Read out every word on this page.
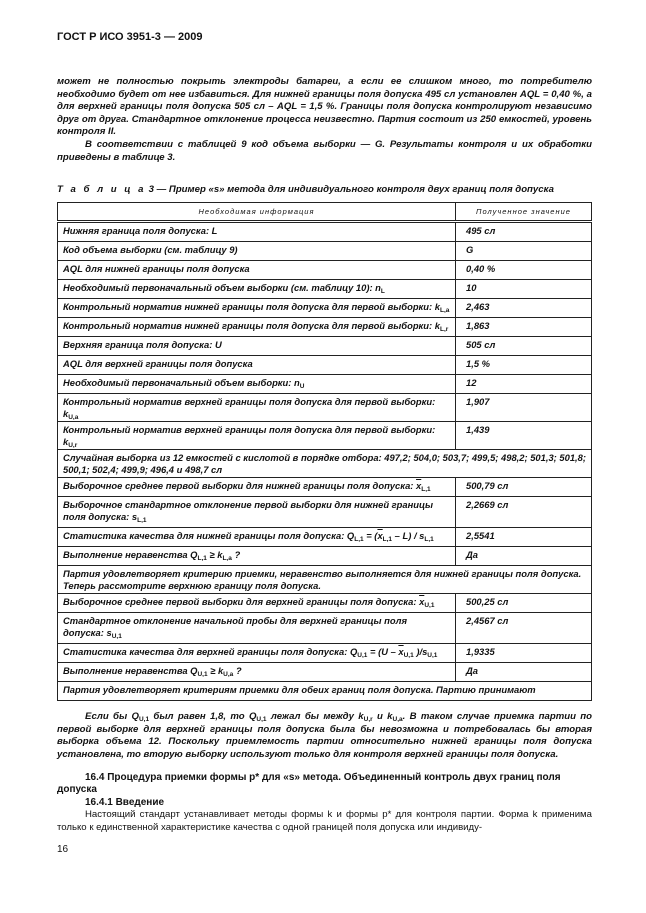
ГОСТ Р ИСО 3951-3 — 2009
может не полностью покрыть электроды батареи, а если ее слишком много, то потребителю необходимо будет от нее избавиться. Для нижней границы поля допуска 495 сл установлен AQL = 0,40 %, а для верхней границы поля допуска 505 сл – AQL = 1,5 %. Границы поля допуска контролируют независимо друг от друга. Стандартное отклонение процесса неизвестно. Партия состоит из 250 емкостей, уровень контроля II.
В соответствии с таблицей 9 код объема выборки — G. Результаты контроля и их обработки приведены в таблице 3.
Т а б л и ц а 3 — Пример «s» метода для индивидуального контроля двух границ поля допуска
Необходимая информация	Полученное значение
Нижняя граница поля допуска: L	495 сл
Код объема выборки (см. таблицу 9)	G
AQL для нижней границы поля допуска	0,40 %
Необходимый первоначальный объем выборки (см. таблицу 10): $n_L$	10
Контрольный норматив нижней границы поля допуска для первой выборки: $k_{L,a}$	2,463
Контрольный норматив нижней границы поля допуска для первой выборки: $k_{L,r}$	1,863
Верхняя граница поля допуска: U	505 сл
AQL для верхней границы поля допуска	1,5 %
Необходимый первоначальный объем выборки: $n_U$	12
Контрольный норматив верхней границы поля допуска для первой выборки: $k_{U,a}$	1,907
Контрольный норматив верхней границы поля допуска для первой выборки: $k_{U,r}$	1,439
Случайная выборка из 12 емкостей с кислотой в порядке отбора: 497,2; 504,0; 503,7; 499,5; 498,2; 501,3; 501,8; 500,1; 502,4; 499,9; 496,4 и 498,7 сл	
Выборочное среднее первой выборки для нижней границы поля допуска: $\overline{x}_{L,1}$	500,79 сл
Выборочное стандартное отклонение первой выборки для нижней границы поля допуска: $s_{L,1}$	2,2669 сл
Статистика качества для нижней границы поля допуска: $Q_{L,1} = (\overline{x}_{L,1} - L) / s_{L,1}$	2,5541
Выполнение неравенства $Q_{L,1} \ge k_{L,a}$ ?	Да
Партия удовлетворяет критерию приемки, неравенство выполняется для нижней границы поля допуска. Теперь рассмотрите верхнюю границу поля допуска.	
Выборочное среднее первой выборки для верхней границы поля допуска: $\overline{x}_{U,1}$	500,25 сл
Стандартное отклонение начальной пробы для верхней границы поля допуска: $s_{U,1}$	2,4567 сл
Статистика качества для верхней границы поля допуска: $Q_{U,1} = (U - \overline{x}_{U,1}$ )$/s_{U,1}$	1,9335
Выполнение неравенства $Q_{U,1} \ge k_{U,a}$ ?	Да
Партия удовлетворяет критериям приемки для обеих границ поля допуска. Партию принимают	
Если бы $Q_{U,1}$ был равен 1,8, то $Q_{U,1}$ лежал бы между $k_{U,r}$ и $k_{U,a}$. В таком случае приемка партии по первой выборке для верхней границы поля допуска была бы невозможна и потребовалась бы вторая выборка объема 12. Поскольку приемлемость партии относительно нижней границы поля допуска установлена, то вторую выборку используют только для контроля верхней границы поля допуска.
16.4 Процедура приемки формы p* для «s» метода. Объединенный контроль двух границ поля допуска
16.4.1 Введение
Настоящий стандарт устанавливает методы формы k и формы p* для контроля партии. Форма k применима только к единственной характеристике качества с одной границей поля допуска или индивиду-
16
